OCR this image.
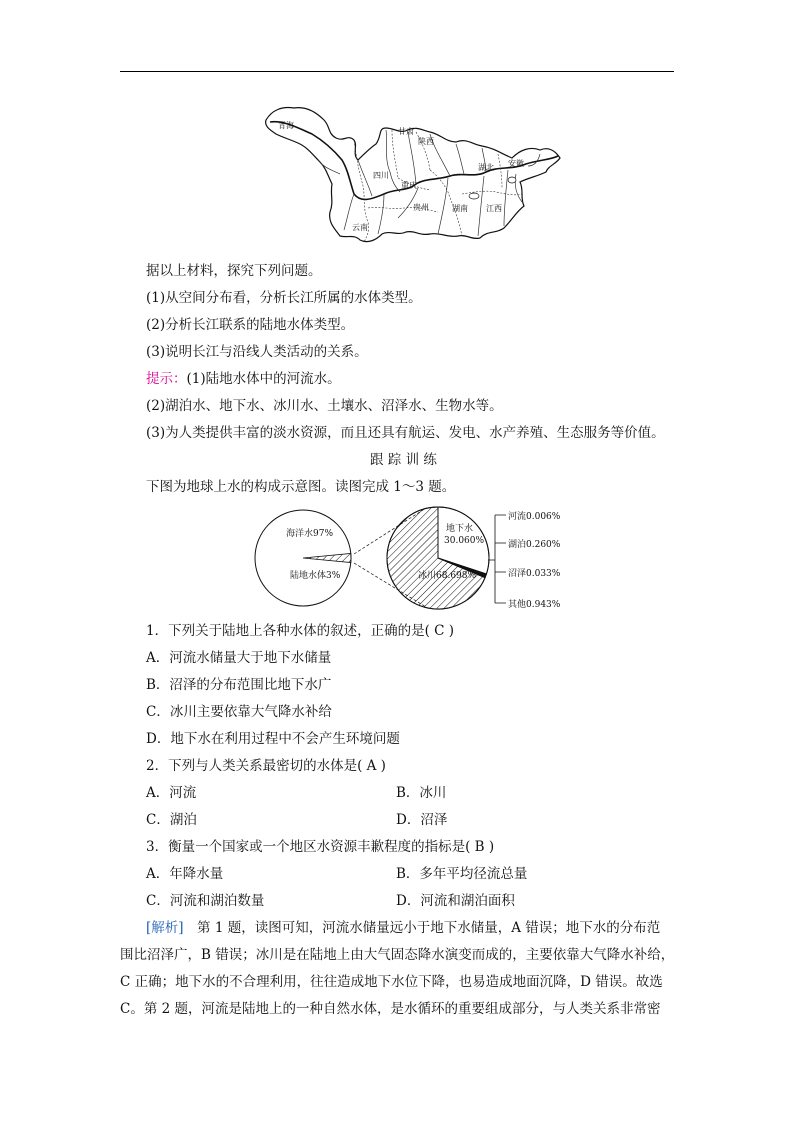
青海
甘肃
陕西
四川
重庆
湖北 安徽
贵州	湖南 江西
云南
据以上材料，探究下列问题。
(1)从空间分布看，分析长江所属的水体类型。
(2)分析长江联系的陆地水体类型。
(3)说明长江与沿线人类活动的关系。
提示：(1)陆地水体中的河流水。
(2)湖泊水、地下水、冰川水、土壤水、沼泽水、生物水等。
(3)为人类提供丰富的淡水资源，而且还具有航运、发电、水产养殖、生态服务等价值。
跟 踪 训 练
下图为地球上水的构成示意图。读图完成 1～3 题。
海洋水97%
陆地水体3%
地下水
30.060%
冰川68.698%
河流0.006%
湖泊0.260%
沼泽0.033%
其他0.943%
1．下列关于陆地上各种水体的叙述，正确的是( C )
A．河流水储量大于地下水储量
B．沼泽的分布范围比地下水广
C．冰川主要依靠大气降水补给
D．地下水在利用过程中不会产生环境问题
2．下列与人类关系最密切的水体是( A )
A．河流	B．冰川
C．湖泊	D．沼泽
3．衡量一个国家或一个地区水资源丰歉程度的指标是( B )
A．年降水量	B．多年平均径流总量
C．河流和湖泊数量	D．河流和湖泊面积
[解析]　第 1 题，读图可知，河流水储量远小于地下水储量，A 错误；地下水的分布范
围比沼泽广，B 错误；冰川是在陆地上由大气固态降水演变而成的，主要依靠大气降水补给，
C 正确；地下水的不合理利用，往往造成地下水位下降，也易造成地面沉降，D 错误。故选
C。第 2 题，河流是陆地上的一种自然水体，是水循环的重要组成部分，与人类关系非常密
